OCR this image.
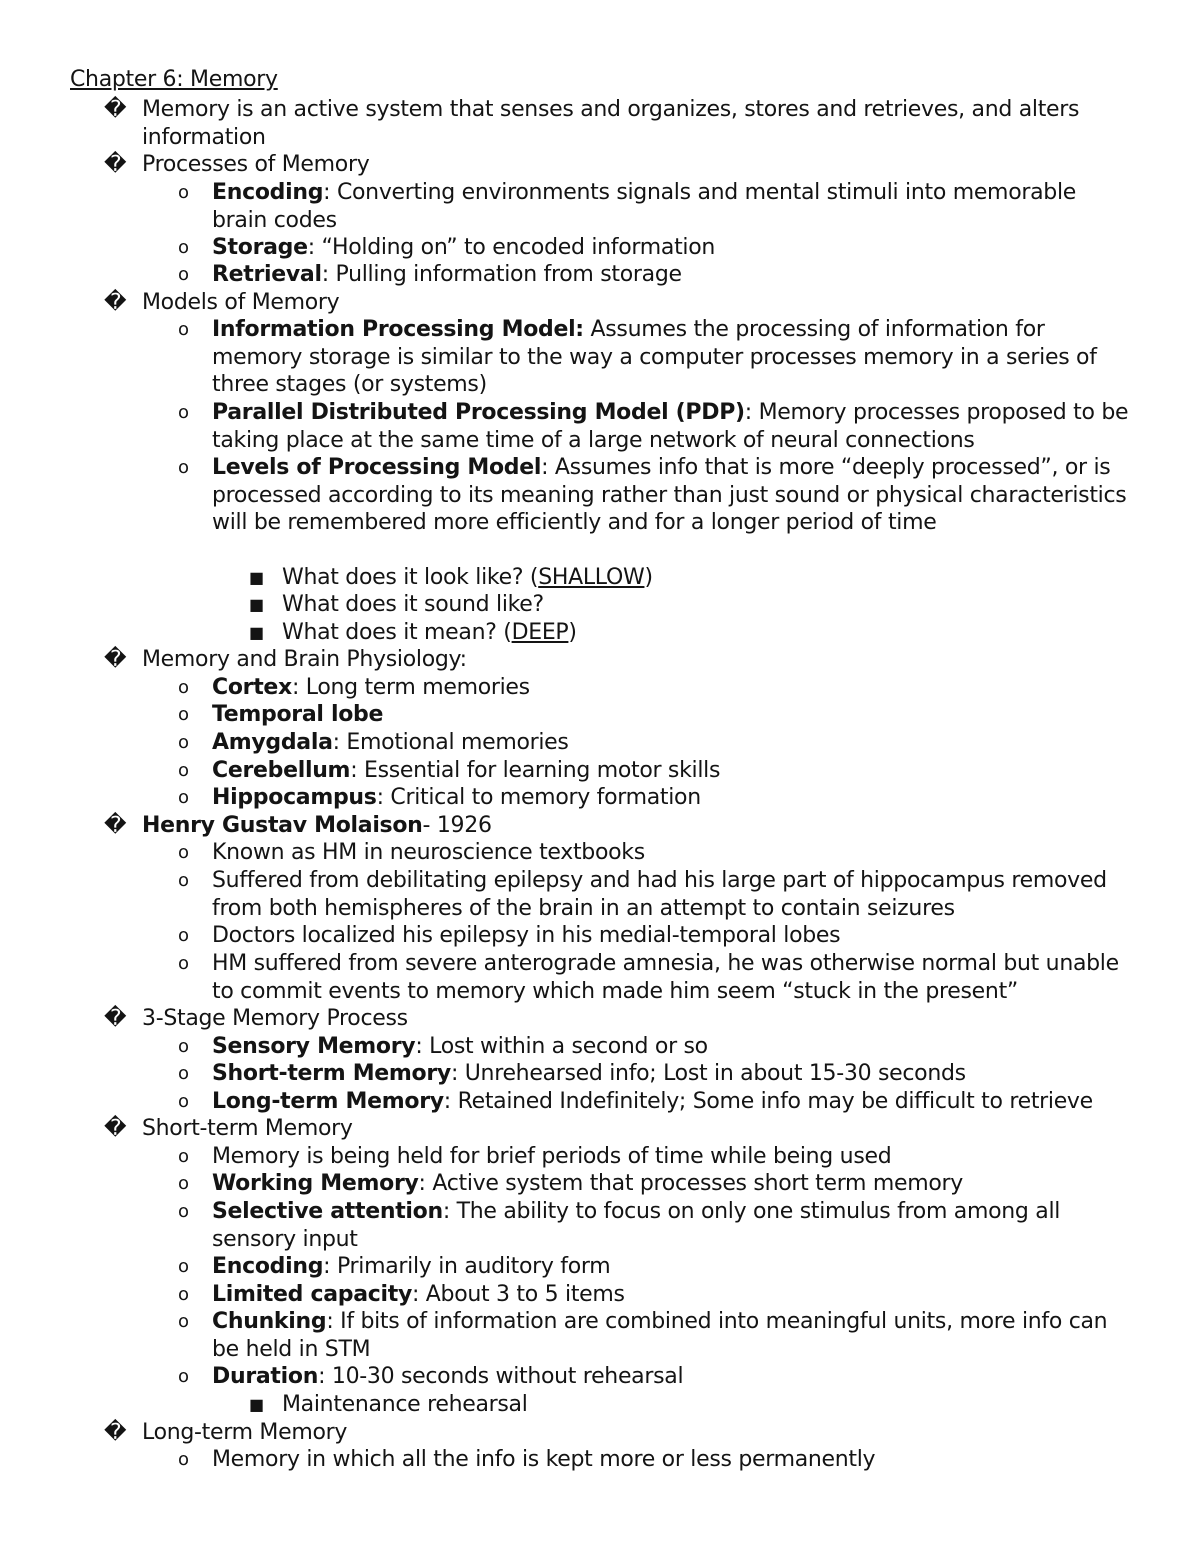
Chapter 6: Memory
� Memory is an active system that senses and organizes, stores and retrieves, and alters information
� Processes of Memory
o Encoding: Converting environments signals and mental stimuli into memorable brain codes
o Storage: “Holding on” to encoded information
o Retrieval: Pulling information from storage
� Models of Memory
o Information Processing Model: Assumes the processing of information for memory storage is similar to the way a computer processes memory in a series of three stages (or systems)
o Parallel Distributed Processing Model (PDP): Memory processes proposed to be taking place at the same time of a large network of neural connections
o Levels of Processing Model: Assumes info that is more “deeply processed”, or is processed according to its meaning rather than just sound or physical characteristics will be remembered more efficiently and for a longer period of time
■ What does it look like? (SHALLOW)
■ What does it sound like?
■ What does it mean? (DEEP)
� Memory and Brain Physiology:
o Cortex: Long term memories
o Temporal lobe
o Amygdala: Emotional memories
o Cerebellum: Essential for learning motor skills
o Hippocampus: Critical to memory formation
� Henry Gustav Molaison- 1926
o Known as HM in neuroscience textbooks
o Suffered from debilitating epilepsy and had his large part of hippocampus removed from both hemispheres of the brain in an attempt to contain seizures
o Doctors localized his epilepsy in his medial-temporal lobes
o HM suffered from severe anterograde amnesia, he was otherwise normal but unable to commit events to memory which made him seem “stuck in the present”
� 3-Stage Memory Process
o Sensory Memory: Lost within a second or so
o Short-term Memory: Unrehearsed info; Lost in about 15-30 seconds
o Long-term Memory: Retained Indefinitely; Some info may be difficult to retrieve
� Short-term Memory
o Memory is being held for brief periods of time while being used
o Working Memory: Active system that processes short term memory
o Selective attention: The ability to focus on only one stimulus from among all sensory input
o Encoding: Primarily in auditory form
o Limited capacity: About 3 to 5 items
o Chunking: If bits of information are combined into meaningful units, more info can be held in STM
o Duration: 10-30 seconds without rehearsal
■ Maintenance rehearsal
� Long-term Memory
o Memory in which all the info is kept more or less permanently
